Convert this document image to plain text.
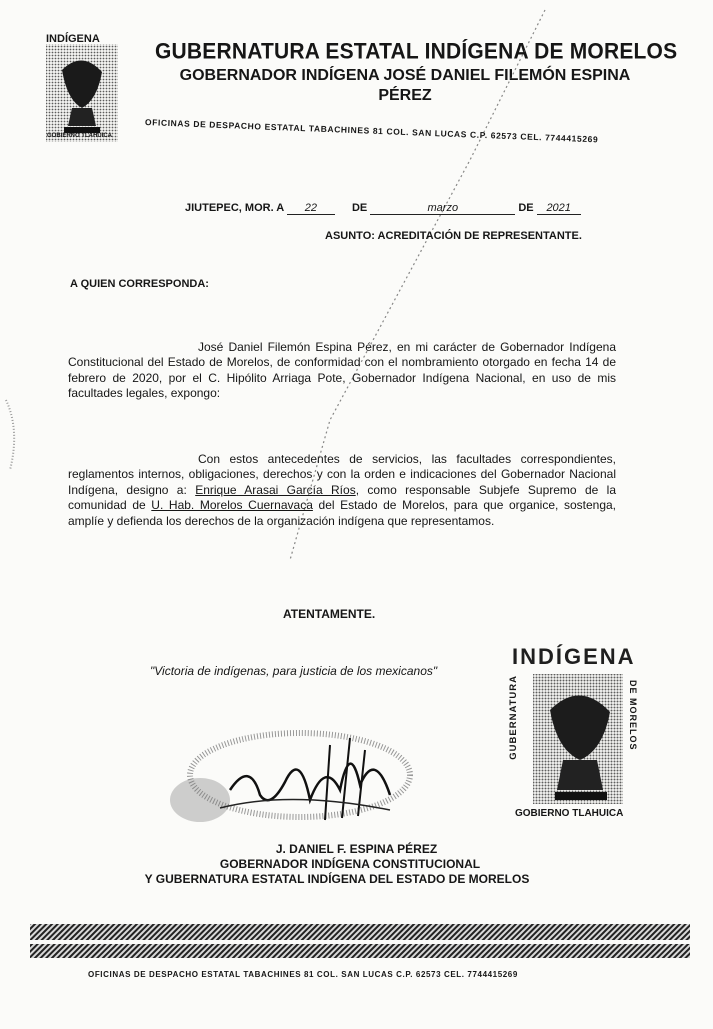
INDÍGENA
GOBIERNO TLAHUICA
GUBERNATURA ESTATAL INDÍGENA DE MORELOS
GOBERNADOR INDÍGENA JOSÉ DANIEL FILEMÓN ESPINA PÉREZ
OFICINAS DE DESPACHO ESTATAL TABACHINES 81 COL. SAN LUCAS C.P. 62573 CEL. 7744415269
JIUTEPEC, MOR. A 22	DE	marzo	DE 2021
ASUNTO: ACREDITACIÓN DE REPRESENTANTE.
A QUIEN CORRESPONDA:
José Daniel Filemón Espina Pérez, en mi carácter de Gobernador Indígena Constitucional del Estado de Morelos, de conformidad con el nombramiento otorgado en fecha 14 de febrero de 2020, por el C. Hipólito Arriaga Pote, Gobernador Indígena Nacional, en uso de mis facultades legales, expongo:
Con estos antecedentes de servicios, las facultades correspondientes, reglamentos internos, obligaciones, derechos y con la orden e indicaciones del Gobernador Nacional Indígena, designo a: Enrique Arasai García Ríos, como responsable Subjefe Supremo de la comunidad de U. Hab. Morelos Cuernavaca del Estado de Morelos, para que organice, sostenga, amplíe y defienda los derechos de la organización indígena que representamos.
ATENTAMENTE.
"Victoria de indígenas, para justicia de los mexicanos"
INDÍGENA
GUBERNATURA	DE MORELOS
GOBIERNO TLAHUICA
J. DANIEL F. ESPINA PÉREZ
GOBERNADOR INDÍGENA CONSTITUCIONAL
Y GUBERNATURA ESTATAL INDÍGENA DEL ESTADO DE MORELOS
OFICINAS DE DESPACHO ESTATAL TABACHINES 81 COL. SAN LUCAS C.P. 62573 CEL. 7744415269
